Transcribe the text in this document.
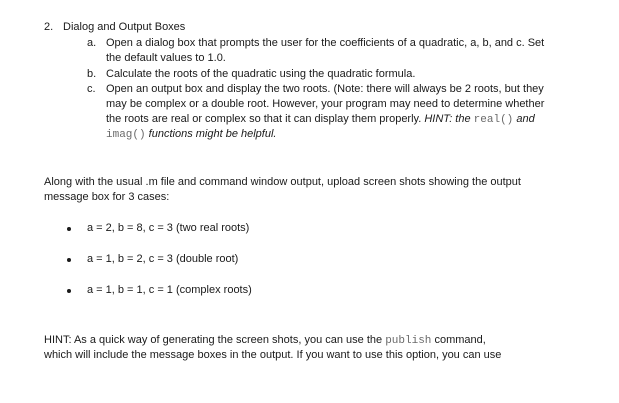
2. Dialog and Output Boxes
a. Open a dialog box that prompts the user for the coefficients of a quadratic, a, b, and c. Set
the default values to 1.0.
b. Calculate the roots of the quadratic using the quadratic formula.
c. Open an output box and display the two roots. (Note: there will always be 2 roots, but they
may be complex or a double root. However, your program may need to determine whether
the roots are real or complex so that it can display them properly. HINT: the real() and
imag() functions might be helpful.
Along with the usual .m file and command window output, upload screen shots showing the output
message box for 3 cases:
a = 2, b = 8, c = 3 (two real roots)
a = 1, b = 2, c = 3 (double root)
a = 1, b = 1, c = 1 (complex roots)
HINT: As a quick way of generating the screen shots, you can use the publish command,
which will include the message boxes in the output. If you want to use this option, you can use
